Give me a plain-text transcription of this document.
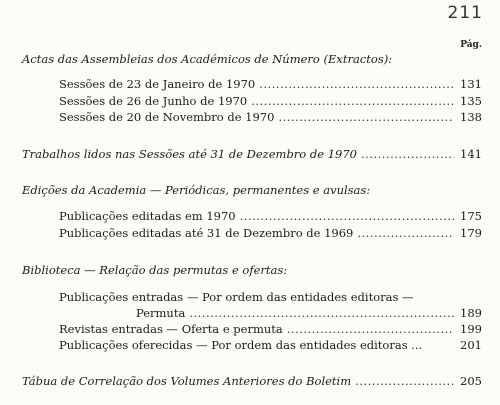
211
Pág.
Actas das Assembleias dos Académicos de Número (Extractos):
Sessões de 23 de Janeiro de 1970 .....	131
Sessões de 26 de Junho de 1970 .....	135
Sessões de 20 de Novembro de 1970 .....	138
Trabalhos lidos nas Sessões até 31 de Dezembro de 1970 .....	141
Edições da Academia — Periódicas, permanentes e avulsas:
Publicações editadas em 1970 .....	175
Publicações editadas até 31 de Dezembro de 1969 .....	179
Biblioteca — Relação das permutas e ofertas:
Publicações entradas — Por ordem das entidades editoras —
Permuta .....	189
Revistas entradas — Oferta e permuta .....	199
Publicações oferecidas — Por ordem das entidades editoras ...	201
Tábua de Correlação dos Volumes Anteriores do Boletim .....	205
